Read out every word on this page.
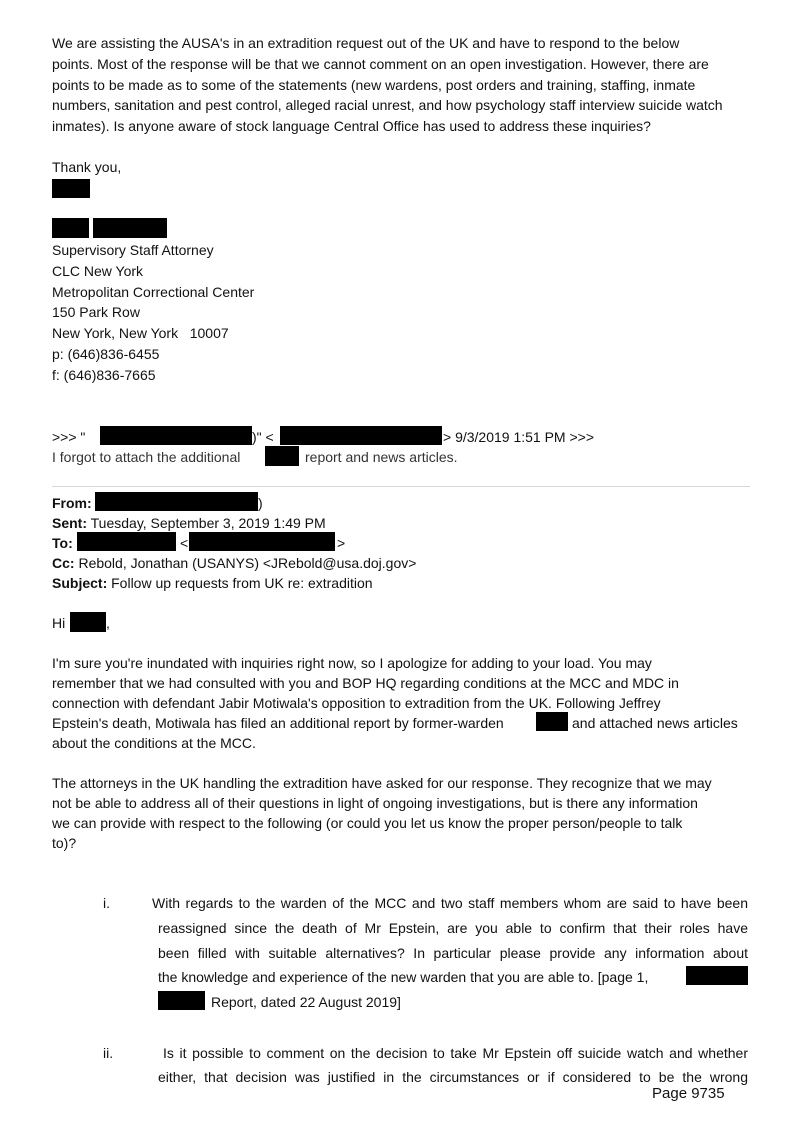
We are assisting the AUSA's in an extradition request out of the UK and have to respond to the below
points. Most of the response will be that we cannot comment on an open investigation. However, there are
points to be made as to some of the statements (new wardens, post orders and training, staffing, inmate
numbers, sanitation and pest control, alleged racial unrest, and how psychology staff interview suicide watch
inmates). Is anyone aware of stock language Central Office has used to address these inquiries?
Thank you,
Supervisory Staff Attorney
CLC New York
Metropolitan Correctional Center
150 Park Row
New York, New York   10007
p: (646)836-6455
f: (646)836-7665
>>> "	)" <	> 9/3/2019 1:51 PM >>>
I forgot to attach the additional	report and news articles.
From:	)
Sent: Tuesday, September 3, 2019 1:49 PM
To:	<	>
Cc: Rebold, Jonathan (USANYS) <JRebold@usa.doj.gov>
Subject: Follow up requests from UK re: extradition
Hi	,
I'm sure you're inundated with inquiries right now, so I apologize for adding to your load. You may
remember that we had consulted with you and BOP HQ regarding conditions at the MCC and MDC in
connection with defendant Jabir Motiwala's opposition to extradition from the UK. Following Jeffrey
Epstein's death, Motiwala has filed an additional report by former-warden	and attached news articles
about the conditions at the MCC.
The attorneys in the UK handling the extradition have asked for our response. They recognize that we may
not be able to address all of their questions in light of ongoing investigations, but is there any information
we can provide with respect to the following (or could you let us know the proper person/people to talk
to)?
i.	With regards to the warden of the MCC and two staff members whom are said to have been
reassigned since the death of Mr Epstein, are you able to confirm that their roles have
been filled with suitable alternatives? In particular please provide any information about
the knowledge and experience of the new warden that you are able to. [page 1,
Report, dated 22 August 2019]
ii.	Is it possible to comment on the decision to take Mr Epstein off suicide watch and whether
either, that decision was justified in the circumstances or if considered to be the wrong
Page 9735
